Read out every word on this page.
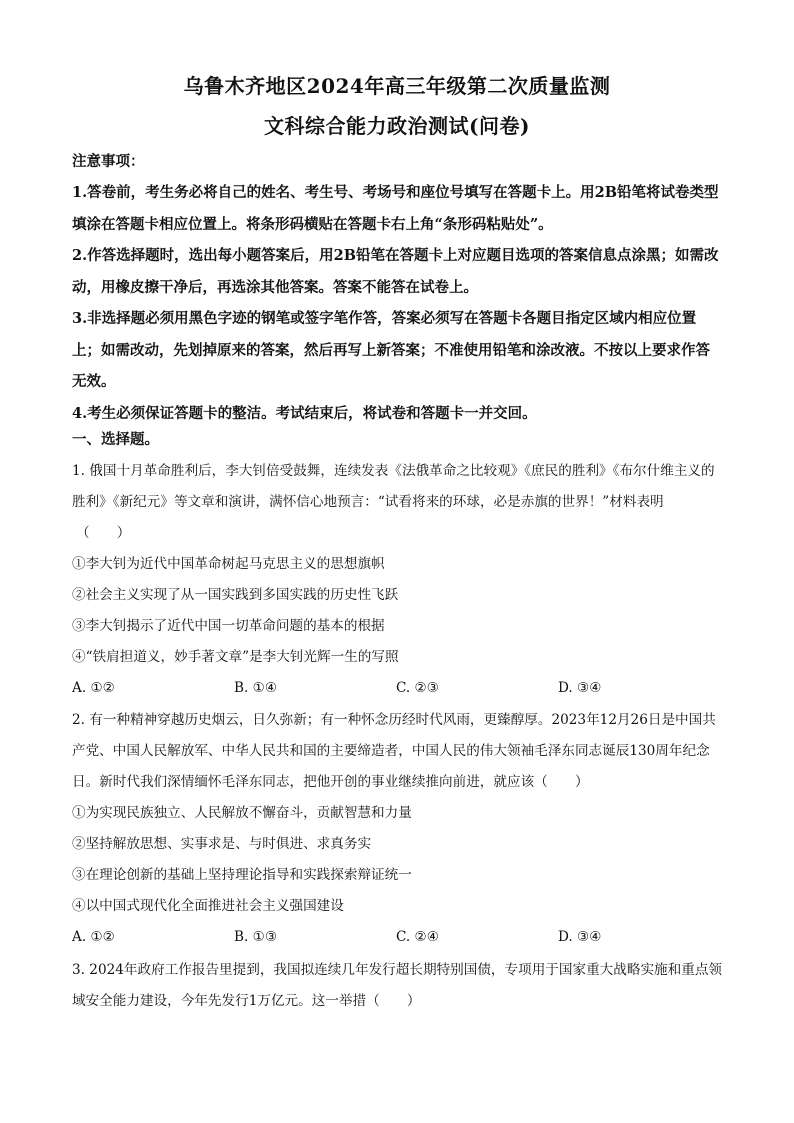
乌鲁木齐地区2024年高三年级第二次质量监测
文科综合能力政治测试(问卷)
注意事项：

1.答卷前，考生务必将自己的姓名、考生号、考场号和座位号填写在答题卡上。用2B铅笔将试卷类型填涂在答题卡相应位置上。将条形码横贴在答题卡右上角“条形码粘贴处”。

2.作答选择题时，选出每小题答案后，用2B铅笔在答题卡上对应题目选项的答案信息点涂黑；如需改动，用橡皮擦干净后，再选涂其他答案。答案不能答在试卷上。

3.非选择题必须用黑色字迹的钢笔或签字笔作答，答案必须写在答题卡各题目指定区域内相应位置上；如需改动，先划掉原来的答案，然后再写上新答案；不准使用铅笔和涂改液。不按以上要求作答无效。

4.考生必须保证答题卡的整洁。考试结束后，将试卷和答题卡一并交回。

一、选择题。

1. 俄国十月革命胜利后，李大钊倍受鼓舞，连续发表《法俄革命之比较观》《庶民的胜利》《布尔什维主义的胜利》《新纪元》等文章和演讲，满怀信心地预言：“试看将来的环球，必是赤旗的世界！”材料表明
（　　）

①李大钊为近代中国革命树起马克思主义的思想旗帜

②社会主义实现了从一国实践到多国实践的历史性飞跃

③李大钊揭示了近代中国一切革命问题的基本的根据

④“铁肩担道义，妙手著文章”是李大钊光辉一生的写照

A. ①②	B. ①④	C. ②③	D. ③④

2. 有一种精神穿越历史烟云，日久弥新；有一种怀念历经时代风雨，更臻醇厚。2023年12月26日是中国共产党、中国人民解放军、中华人民共和国的主要缔造者，中国人民的伟大领袖毛泽东同志诞辰130周年纪念日。新时代我们深情缅怀毛泽东同志，把他开创的事业继续推向前进，就应该（　　）

①为实现民族独立、人民解放不懈奋斗，贡献智慧和力量

②坚持解放思想、实事求是、与时俱进、求真务实

③在理论创新的基础上坚持理论指导和实践探索辩证统一

④以中国式现代化全面推进社会主义强国建设

A. ①②	B. ①③	C. ②④	D. ③④

3. 2024年政府工作报告里提到，我国拟连续几年发行超长期特别国债，专项用于国家重大战略实施和重点领域安全能力建设，今年先发行1万亿元。这一举措（　　）
